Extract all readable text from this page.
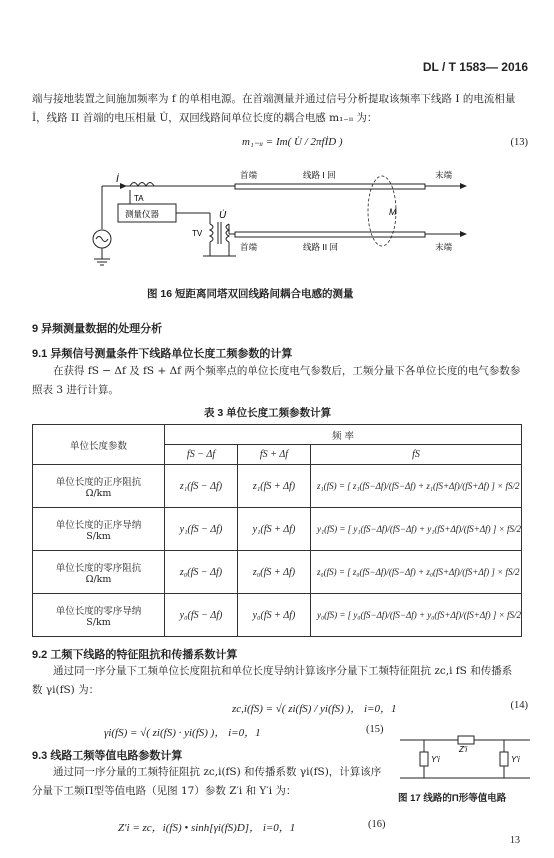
DL / T 1583— 2016
端与接地装置之间施加频率为 f 的单相电源。在首端测量并通过信号分析提取该频率下线路 I 的电流相量
İ，线路 II 首端的电压相量 U̇，双回线路间单位长度的耦合电感 m₁₋ᵢᵢ 为：
m₁₋ᵢᵢ = Im( U̇ / 2πfİD )	(13)
İ
TA
测量仪器	U̇
TV
首端	线路 I 回	末端
M
首端	线路 II 回	末端
图 16 短距离同塔双回线路间耦合电感的测量
9 异频测量数据的处理分析
9.1 异频信号测量条件下线路单位长度工频参数的计算
在获得 fS − Δf 及 fS + Δf 两个频率点的单位长度电气参数后，工频分量下各单位长度的电气参数参照表 3 进行计算。
表 3 单位长度工频参数计算
单位长度参数	频 率		
	fS − Δf	fS + Δf	fS

单位长度的正序阻抗
Ω/km	z₁(fS − Δf)	z₁(fS + Δf)	z₁(fS) = [ z₁(fS−Δf)/(fS−Δf) + z₁(fS+Δf)/(fS+Δf) ] × fS/2

单位长度的正序导纳
S/km	y₁(fS − Δf)	y₁(fS + Δf)	y₁(fS) = [ y₁(fS−Δf)/(fS−Δf) + y₁(fS+Δf)/(fS+Δf) ] × fS/2

单位长度的零序阻抗
Ω/km	z₀(fS − Δf)	z₀(fS + Δf)	z₀(fS) = [ z₀(fS−Δf)/(fS−Δf) + z₀(fS+Δf)/(fS+Δf) ] × fS/2

单位长度的零序导纳
S/km	y₀(fS − Δf)	y₀(fS + Δf)	y₀(fS) = [ y₀(fS−Δf)/(fS−Δf) + y₀(fS+Δf)/(fS+Δf) ] × fS/2
9.2 工频下线路的特征阻抗和传播系数计算
通过同一序分量下工频单位长度阻抗和单位长度导纳计算该序分量下工频特征阻抗 zc,i fS 和传播系数 γi(fS) 为：
zc,i(fS) = √( zi(fS) / yi(fS) )， i=0，1	(14)
γi(fS) = √( zi(fS) · yi(fS) )， i=0，1	(15)
9.3 线路工频等值电路参数计算
通过同一序分量的工频特征阻抗 zc,i(fS) 和传播系数 γi(fS)，计算该序分量下工频Π型等值电路（见图 17）参数 Z′i 和 Y′i 为：
Z′i = zc，i(fS) • sinh[γi(fS)D]， i=0，1	(16)
Z′i
Y′i	Y′i
图 17 线路的Π形等值电路
13
